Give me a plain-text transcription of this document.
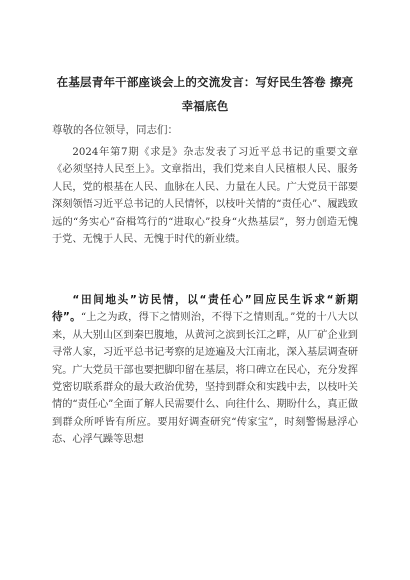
在基层青年干部座谈会上的交流发言：写好民生答卷 擦亮幸福底色
尊敬的各位领导，同志们：

2024年第7期《求是》杂志发表了习近平总书记的重要文章《必须坚持人民至上》。文章指出，我们党来自人民植根人民、服务人民，党的根基在人民、血脉在人民、力量在人民。广大党员干部要深刻领悟习近平总书记的人民情怀，以枝叶关情的“责任心”、履践致远的“务实心”奋楫笃行的“进取心”投身“火热基层”，努力创造无愧于党、无愧于人民、无愧于时代的新业绩。

“田间地头”访民情，以“责任心”回应民生诉求“新期待”。“上之为政，得下之情则治，不得下之情则乱。”党的十八大以来，从大别山区到秦巴腹地，从黄河之滨到长江之畔，从厂矿企业到寻常人家，习近平总书记考察的足迹遍及大江南北，深入基层调查研究。广大党员干部也要把脚印留在基层，将口碑立在民心，充分发挥党密切联系群众的最大政治优势，坚持到群众和实践中去，以枝叶关情的“责任心”全面了解人民需要什么、向往什么、期盼什么，真正做到群众所呼皆有所应。要用好调查研究“传家宝”，时刻警惕悬浮心态、心浮气躁等思想
